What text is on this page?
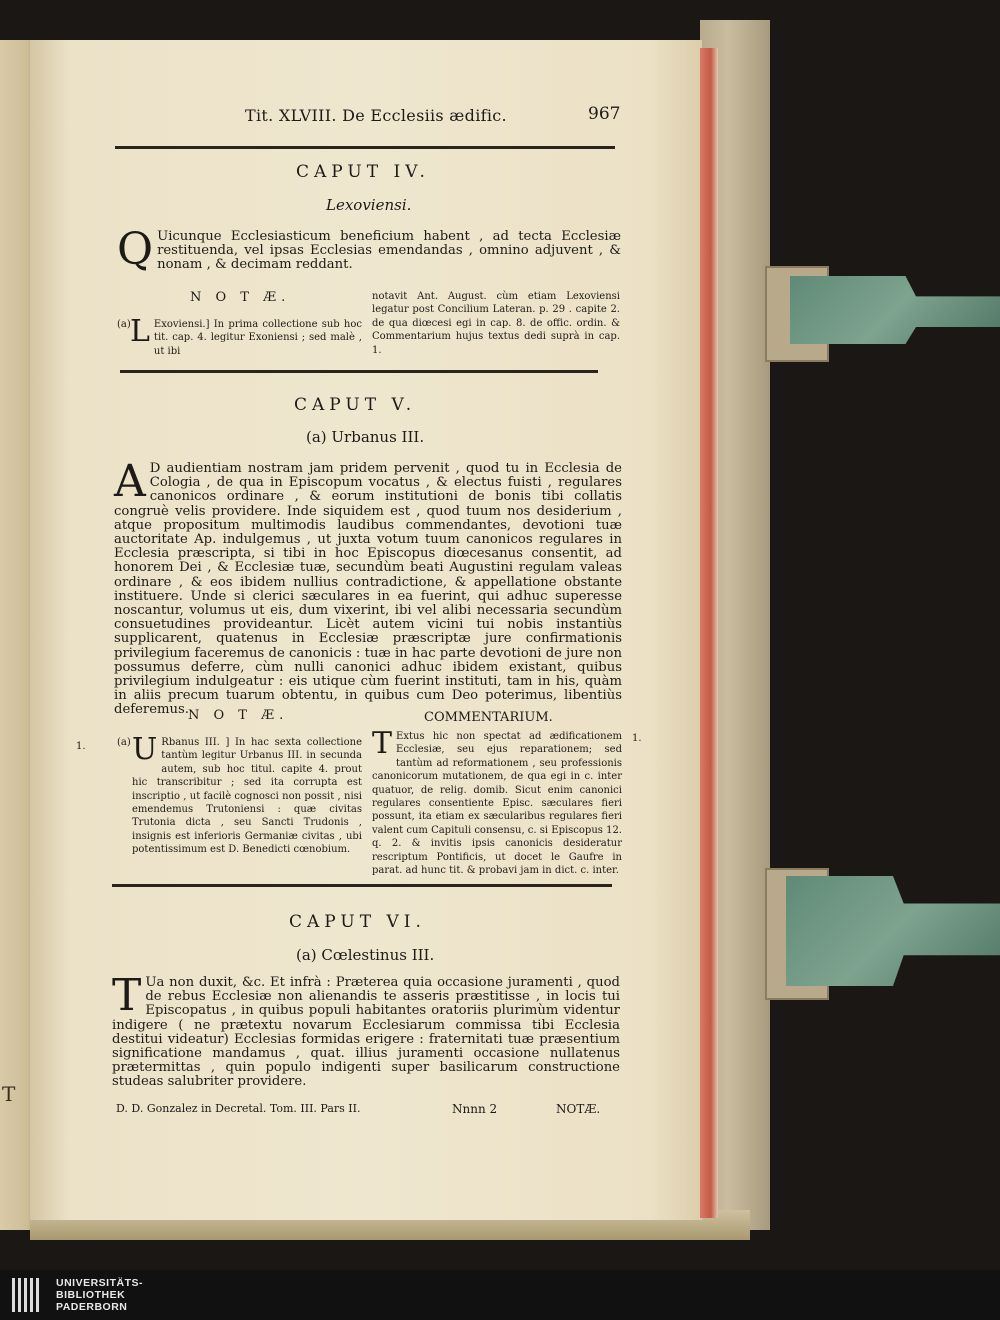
T
Tit. XLVIII. De Ecclesiis ædific.	967
CAPUT IV.
Lexoviensi.
Q Uicunque Ecclesiasticum beneficium habent , ad tecta Ecclesiæ restituenda, vel ipsas Ecclesias emendandas , omnino adjuvent , & nonam , & decimam reddant.
N O T Æ.
(a) L Exoviensi.] In prima collectione sub hoc tit. cap. 4. legitur Exoniensi ; sed malè , ut ibi
notavit Ant. August. cùm etiam Lexoviensi legatur post Concilium Lateran. p. 29 . capite 2. de qua diœcesi egi in cap. 8. de offic. ordin. & Commentarium hujus textus dedi suprà in cap. 1.
CAPUT V.
(a) Urbanus III.
A D audientiam nostram jam pridem pervenit , quod tu in Ecclesia de Cologia , de qua in Episcopum vocatus , & electus fuisti , regulares canonicos ordinare , & eorum institutioni de bonis tibi collatis congruè velis providere. Inde siquidem est , quod tuum nos desiderium , atque propositum multimodis laudibus commendantes, devotioni tuæ auctoritate Ap. indulgemus , ut juxta votum tuum canonicos regulares in Ecclesia præscripta, si tibi in hoc Episcopus diœcesanus consentit, ad honorem Dei , & Ecclesiæ tuæ, secundùm beati Augustini regulam valeas ordinare , & eos ibidem nullius contradictione, & appellatione obstante instituere. Unde si clerici sæculares in ea fuerint, qui adhuc superesse noscantur, volumus ut eis, dum vixerint, ibi vel alibi necessaria secundùm consuetudines provideantur. Licèt autem vicini tui nobis instantiùs supplicarent, quatenus in Ecclesiæ præscriptæ jure confirmationis privilegium faceremus de canonicis : tuæ in hac parte devotioni de jure non possumus deferre, cùm nulli canonici adhuc ibidem existant, quibus privilegium indulgeatur : eis utique cùm fuerint instituti, tam in his, quàm in aliis precum tuarum obtentu, in quibus cum Deo poterimus, libentiùs deferemus. N O T Æ.	COMMENTARIUM.
1.
1.
(a) U Rbanus III. ] In hac sexta collectione tantùm legitur Urbanus III. in secunda autem, sub hoc titul. capite 4. prout hic transcribitur ; sed ita corrupta est inscriptio , ut facilè cognosci non possit , nisi emendemus Trutoniensi : quæ civitas Trutonia dicta , seu Sancti Trudonis , insignis est inferioris Germaniæ civitas , ubi potentissimum est D. Benedicti cœnobium.
T Extus hic non spectat ad ædificationem Ecclesiæ, seu ejus reparationem; sed tantùm ad reformationem , seu professionis canonicorum mutationem, de qua egi in c. inter quatuor, de relig. domib. Sicut enim canonici regulares consentiente Episc. sæculares fieri possunt, ita etiam ex sæcularibus regulares fieri valent cum Capituli consensu, c. si Episcopus 12. q. 2. & invitis ipsis canonicis desideratur rescriptum Pontificis, ut docet le Gaufre in parat. ad hunc tit. & probavi jam in dict. c. inter.
CAPUT VI.
(a) Cœlestinus III.
T Ua non duxit, &c. Et infrà : Præterea quia occasione juramenti , quod de rebus Ecclesiæ non alienandis te asseris præstitisse , in locis tui Episcopatus , in quibus populi habitantes oratoriis plurimùm videntur indigere ( ne prætextu novarum Ecclesiarum commissa tibi Ecclesia destitui videatur) Ecclesias formidas erigere : fraternitati tuæ præsentium significatione mandamus , quat. illius juramenti occasione nullatenus prætermittas , quin populo indigenti super basilicarum constructione studeas salubriter providere.
D. D. Gonzalez in Decretal. Tom. III. Pars II.	Nnnn 2	NOTÆ.
UNIVERSITÄTS-
BIBLIOTHEK
PADERBORN
